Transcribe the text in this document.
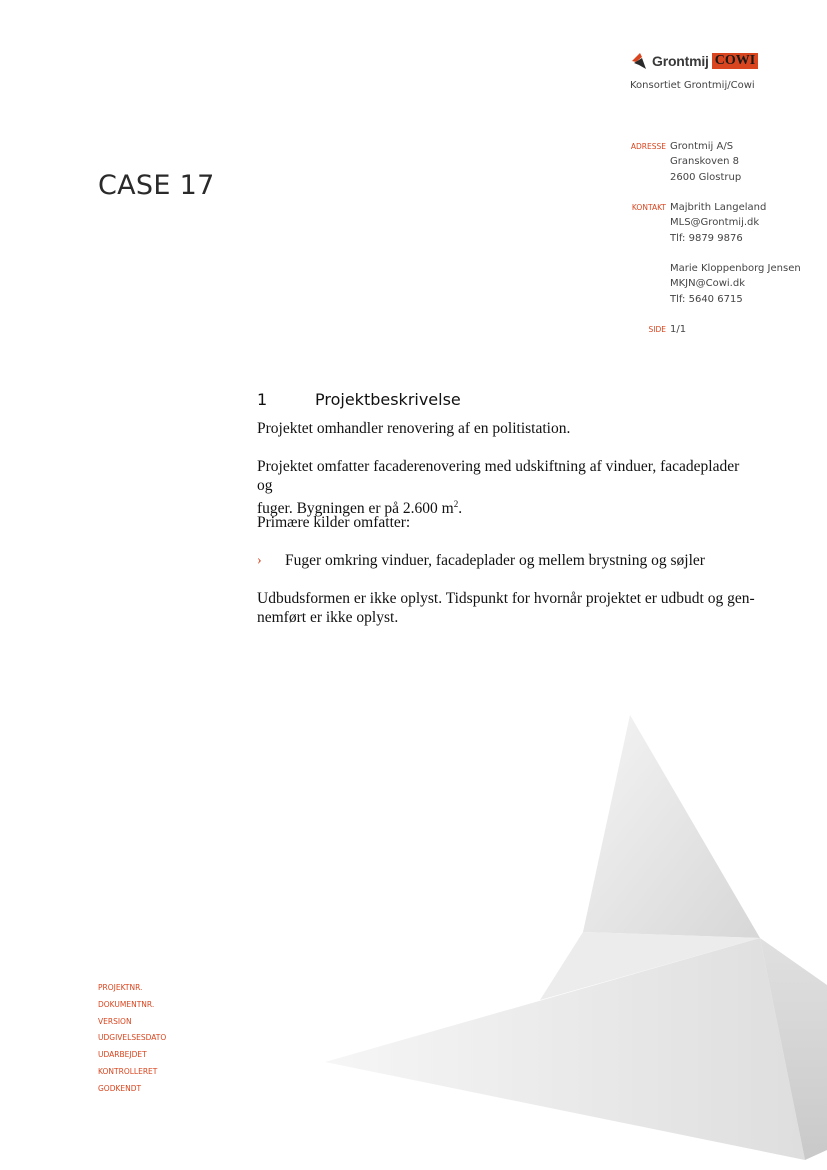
Grontmij COWI
Konsortiet Grontmij/Cowi
ADRESSE Grontmij A/S
Granskoven 8
2600 Glostrup
KONTAKT Majbrith Langeland
MLS@Grontmij.dk
Tlf: 9879 9876
Marie Kloppenborg Jensen
MKJN@Cowi.dk
Tlf: 5640 6715
SIDE 1/1
CASE 17
1	Projektbeskrivelse
Projektet omhandler renovering af en politistation.
Projektet omfatter facaderenovering med udskiftning af vinduer, facadeplader og
fuger. Bygningen er på 2.600 $m^2$.
Primære kilder omfatter:
›	Fuger omkring vinduer, facadeplader og mellem brystning og søjler
Udbudsformen er ikke oplyst. Tidspunkt for hvornår projektet er udbudt og gen-
nemført er ikke oplyst.
PROJEKTNR.
DOKUMENTNR.
VERSION
UDGIVELSESDATO
UDARBEJDET
KONTROLLERET
GODKENDT
